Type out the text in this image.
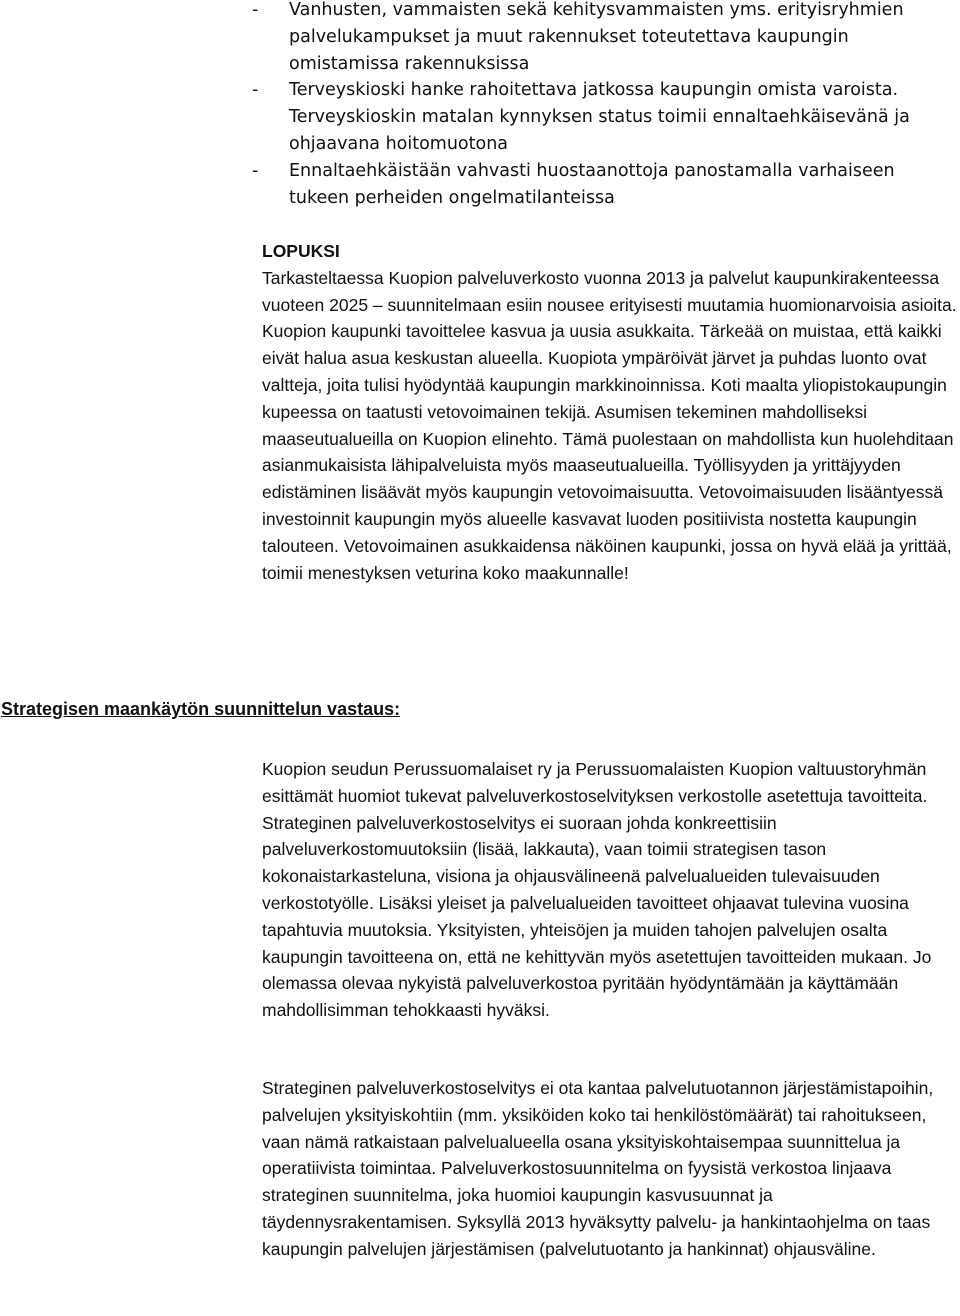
- Vanhusten, vammaisten sekä kehitysvammaisten yms. erityisryhmien palvelukampukset ja muut rakennukset toteutettava kaupungin omistamissa rakennuksissa
- Terveyskioski hanke rahoitettava jatkossa kaupungin omista varoista. Terveyskioskin matalan kynnyksen status toimii ennaltaehkäisevänä ja ohjaavana hoitomuotona
- Ennaltaehkäistään vahvasti huostaanottoja panostamalla varhaiseen tukeen perheiden ongelmatilanteissa
LOPUKSI

Tarkasteltaessa Kuopion palveluverkosto vuonna 2013 ja palvelut kaupunkirakenteessa vuoteen 2025 – suunnitelmaan esiin nousee erityisesti muutamia huomionarvoisia asioita. Kuopion kaupunki tavoittelee kasvua ja uusia asukkaita. Tärkeää on muistaa, että kaikki eivät halua asua keskustan alueella. Kuopiota ympäröivät järvet ja puhdas luonto ovat valtteja, joita tulisi hyödyntää kaupungin markkinoinnissa. Koti maalta yliopistokaupungin kupeessa on taatusti vetovoimainen tekijä. Asumisen tekeminen mahdolliseksi maaseutualueilla on Kuopion elinehto. Tämä puolestaan on mahdollista kun huolehditaan asianmukaisista lähipalveluista myös maaseutualueilla. Työllisyyden ja yrittäjyyden edistäminen lisäävät myös kaupungin vetovoimaisuutta. Vetovoimaisuuden lisääntyessä investoinnit kaupungin myös alueelle kasvavat luoden positiivista nostetta kaupungin talouteen. Vetovoimainen asukkaidensa näköinen kaupunki, jossa on hyvä elää ja yrittää, toimii menestyksen veturina koko maakunnalle!

Strategisen maankäytön suunnittelun vastaus:

Kuopion seudun Perussuomalaiset ry ja Perussuomalaisten Kuopion valtuustoryhmän esittämät huomiot tukevat palveluverkostoselvityksen verkostolle asetettuja tavoitteita. Strateginen palveluverkostoselvitys ei suoraan johda konkreettisiin palveluverkostomuutoksiin (lisää, lakkauta), vaan toimii strategisen tason kokonaistarkasteluna, visiona ja ohjausvälineenä palvelualueiden tulevaisuuden verkostotyölle. Lisäksi yleiset ja palvelualueiden tavoitteet ohjaavat tulevina vuosina tapahtuvia muutoksia. Yksityisten, yhteisöjen ja muiden tahojen palvelujen osalta kaupungin tavoitteena on, että ne kehittyvän myös asetettujen tavoitteiden mukaan. Jo olemassa olevaa nykyistä palveluverkostoa pyritään hyödyntämään ja käyttämään mahdollisimman tehokkaasti hyväksi.

Strateginen palveluverkostoselvitys ei ota kantaa palvelutuotannon järjestämistapoihin, palvelujen yksityiskohtiin (mm. yksiköiden koko tai henkilöstömäärät) tai rahoitukseen, vaan nämä ratkaistaan palvelualueella osana yksityiskohtaisempaa suunnittelua ja operatiivista toimintaa. Palveluverkostosuunnitelma on fyysistä verkostoa linjaava strateginen suunnitelma, joka huomioi kaupungin kasvusuunnat ja täydennysrakentamisen. Syksyllä 2013 hyväksytty palvelu- ja hankintaohjelma on taas kaupungin palvelujen järjestämisen (palvelutuotanto ja hankinnat) ohjausväline.
